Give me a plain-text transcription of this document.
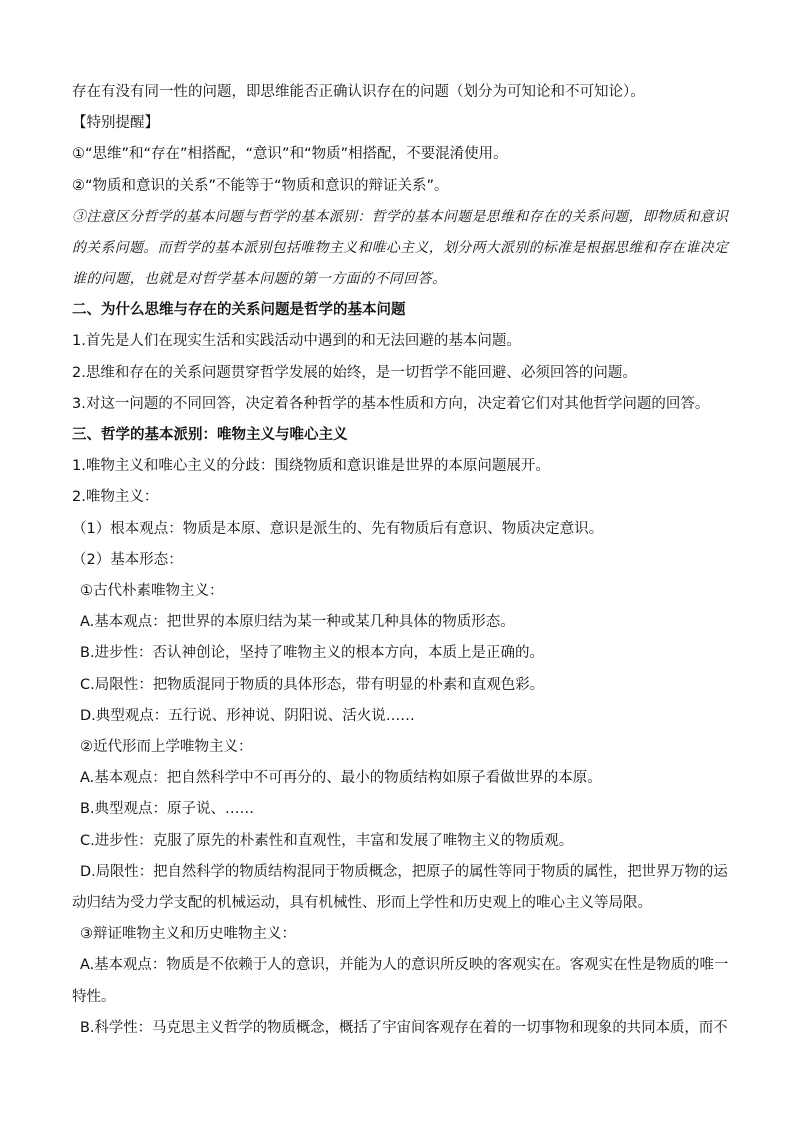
存在有没有同一性的问题，即思维能否正确认识存在的问题（划分为可知论和不可知论）。
【特别提醒】
①“思维”和“存在”相搭配，“意识”和“物质”相搭配，不要混淆使用。
②“物质和意识的关系”不能等于“物质和意识的辩证关系”。
③注意区分哲学的基本问题与哲学的基本派别：哲学的基本问题是思维和存在的关系问题，即物质和意识
的关系问题。而哲学的基本派别包括唯物主义和唯心主义，划分两大派别的标准是根据思维和存在谁决定
谁的问题，也就是对哲学基本问题的第一方面的不同回答。
二、为什么思维与存在的关系问题是哲学的基本问题
1.首先是人们在现实生活和实践活动中遇到的和无法回避的基本问题。
2.思维和存在的关系问题贯穿哲学发展的始终，是一切哲学不能回避、必须回答的问题。
3.对这一问题的不同回答，决定着各种哲学的基本性质和方向，决定着它们对其他哲学问题的回答。
三、哲学的基本派别：唯物主义与唯心主义
1.唯物主义和唯心主义的分歧：围绕物质和意识谁是世界的本原问题展开。
2.唯物主义：
（1）根本观点：物质是本原、意识是派生的、先有物质后有意识、物质决定意识。
（2）基本形态：
①古代朴素唯物主义：
A.基本观点：把世界的本原归结为某一种或某几种具体的物质形态。
B.进步性：否认神创论，坚持了唯物主义的根本方向，本质上是正确的。
C.局限性：把物质混同于物质的具体形态，带有明显的朴素和直观色彩。
D.典型观点：五行说、形神说、阴阳说、活火说……
②近代形而上学唯物主义：
A.基本观点：把自然科学中不可再分的、最小的物质结构如原子看做世界的本原。
B.典型观点：原子说、……
C.进步性：克服了原先的朴素性和直观性，丰富和发展了唯物主义的物质观。
D.局限性：把自然科学的物质结构混同于物质概念，把原子的属性等同于物质的属性，把世界万物的运
动归结为受力学支配的机械运动，具有机械性、形而上学性和历史观上的唯心主义等局限。
③辩证唯物主义和历史唯物主义：
A.基本观点：物质是不依赖于人的意识，并能为人的意识所反映的客观实在。客观实在性是物质的唯一
特性。
B.科学性：马克思主义哲学的物质概念，概括了宇宙间客观存在着的一切事物和现象的共同本质，而不
